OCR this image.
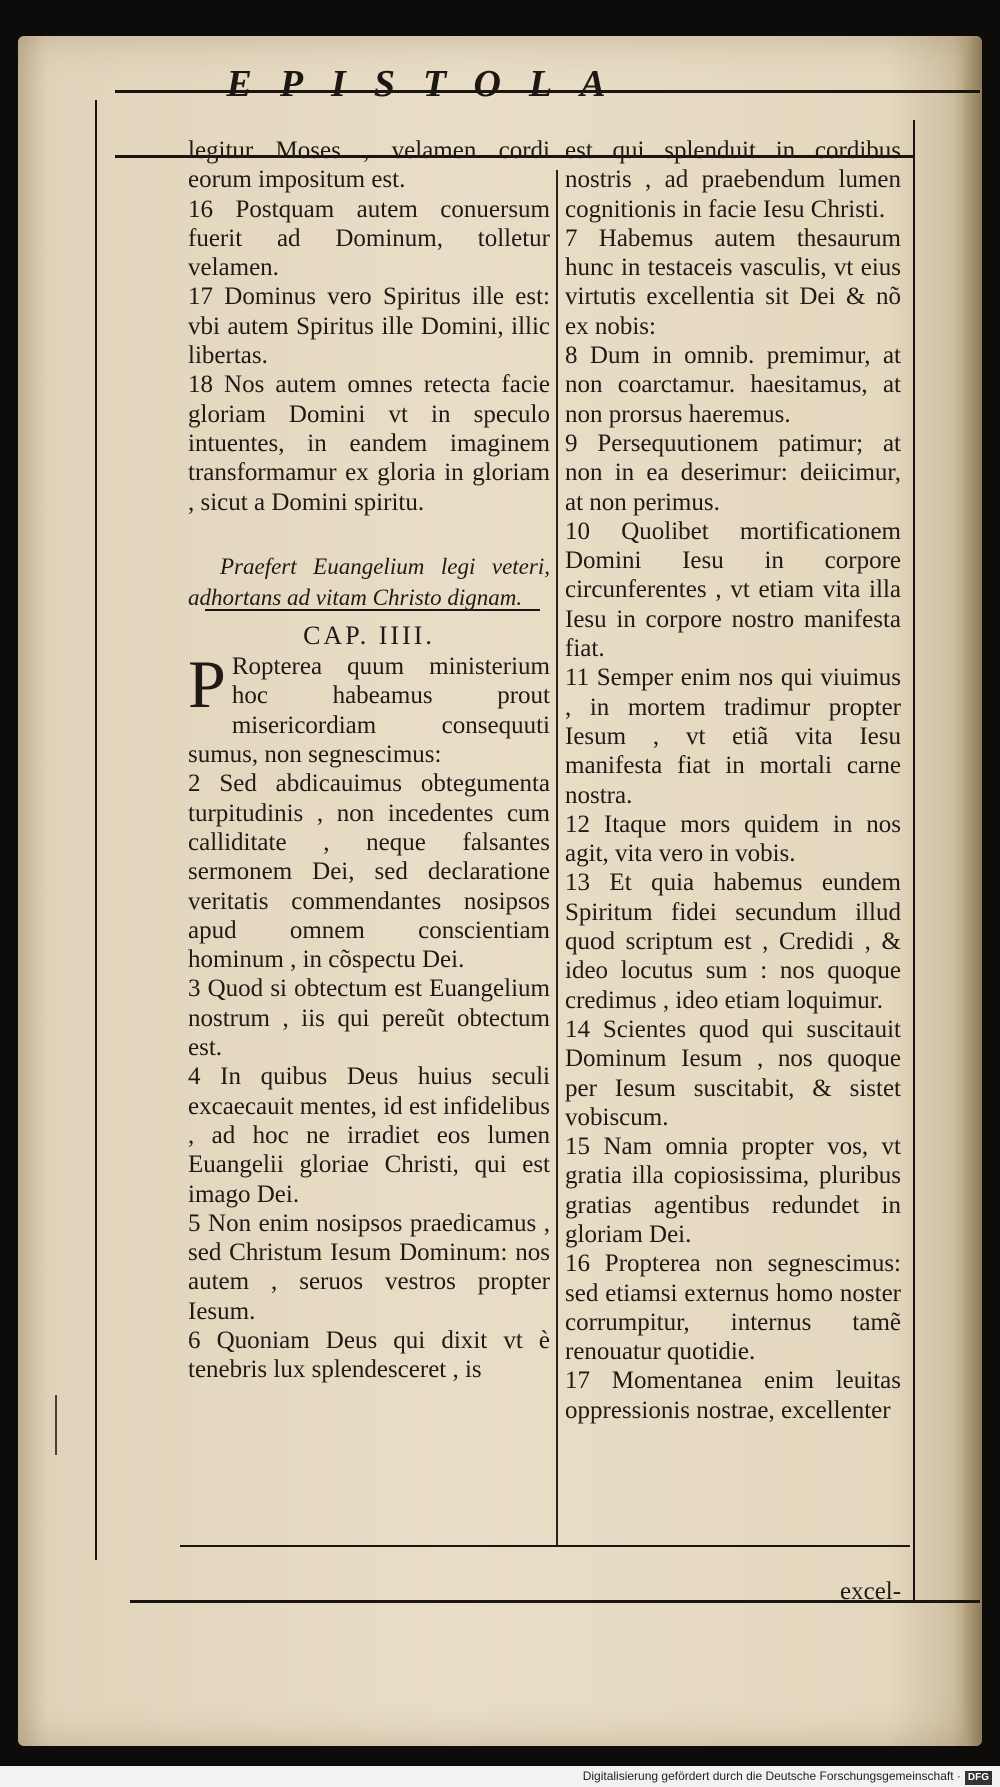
EPISTOLA

legitur Moses , velamen cordi eorum impositum est.

16 Postquam autem conuersum fuerit ad Dominum, tolletur velamen.

17 Dominus vero Spiritus ille est: vbi autem Spiritus ille Domini, illic libertas.

18 Nos autem omnes retecta facie gloriam Domini vt in speculo intuentes, in eandem imaginem transformamur ex gloria in gloriam , sicut a Domini spiritu.

Praefert Euangelium legi veteri, adhortans ad vitam Christo dignam.

CAP. IIII.

P Roptereа quum ministerium hoc habeamus prout misericordiam consequuti sumus, non segnescimus:

2 Sed abdicauimus obtegumenta turpitudinis , non incedentes cum calliditate , neque falsantes sermonem Dei, sed declaratione veritatis commendantes nosipsos apud omnem conscientiam hominum , in cõspectu Dei.

3 Quod si obtectum est Euangelium nostrum , iis qui pereũt obtectum est.

4 In quibus Deus huius seculi excaecauit mentes, id est infidelibus , ad hoc ne irradiet eos lumen Euangelii gloriae Christi, qui est imago Dei.

5 Non enim nosipsos praedicamus , sed Christum Iesum Dominum: nos autem , seruos vestros propter Iesum.

6 Quoniam Deus qui dixit vt è tenebris lux splendesceret , is

est qui splenduit in cordibus nostris , ad praebendum lumen cognitionis in facie Iesu Christi.

7 Habemus autem thesaurum hunc in testaceis vasculis, vt eius virtutis excellentia sit Dei & nõ ex nobis:

8 Dum in omnib. premimur, at non coarctamur. haesitamus, at non prorsus haeremus.

9 Persequutionem patimur; at non in ea deserimur: deiicimur, at non perimus.

10 Quolibet mortificationem Domini Iesu in corpore circunferentes , vt etiam vita illa Iesu in corpore nostro manifesta fiat.

11 Semper enim nos qui viuimus , in mortem tradimur propter Iesum , vt etiã vita Iesu manifesta fiat in mortali carne nostra.

12 Itaque mors quidem in nos agit, vita vero in vobis.

13 Et quia habemus eundem Spiritum fidei secundum illud quod scriptum est , Credidi , & ideo locutus sum : nos quoque credimus , ideo etiam loquimur.

14 Scientes quod qui suscitauit Dominum Iesum , nos quoque per Iesum suscitabit, & sistet vobiscum.

15 Nam omnia propter vos, vt gratia illa copiosissima, pluribus gratias agentibus redundet in gloriam Dei.

16 Propterea non segnescimus: sed etiamsi externus homo noster corrumpitur, internus tamẽ renouatur quotidie.

17 Momentanea enim leuitas oppressionis nostrae, excellenter

excel-
Digitalisierung gefördert durch die Deutsche Forschungsgemeinschaft · DFG
